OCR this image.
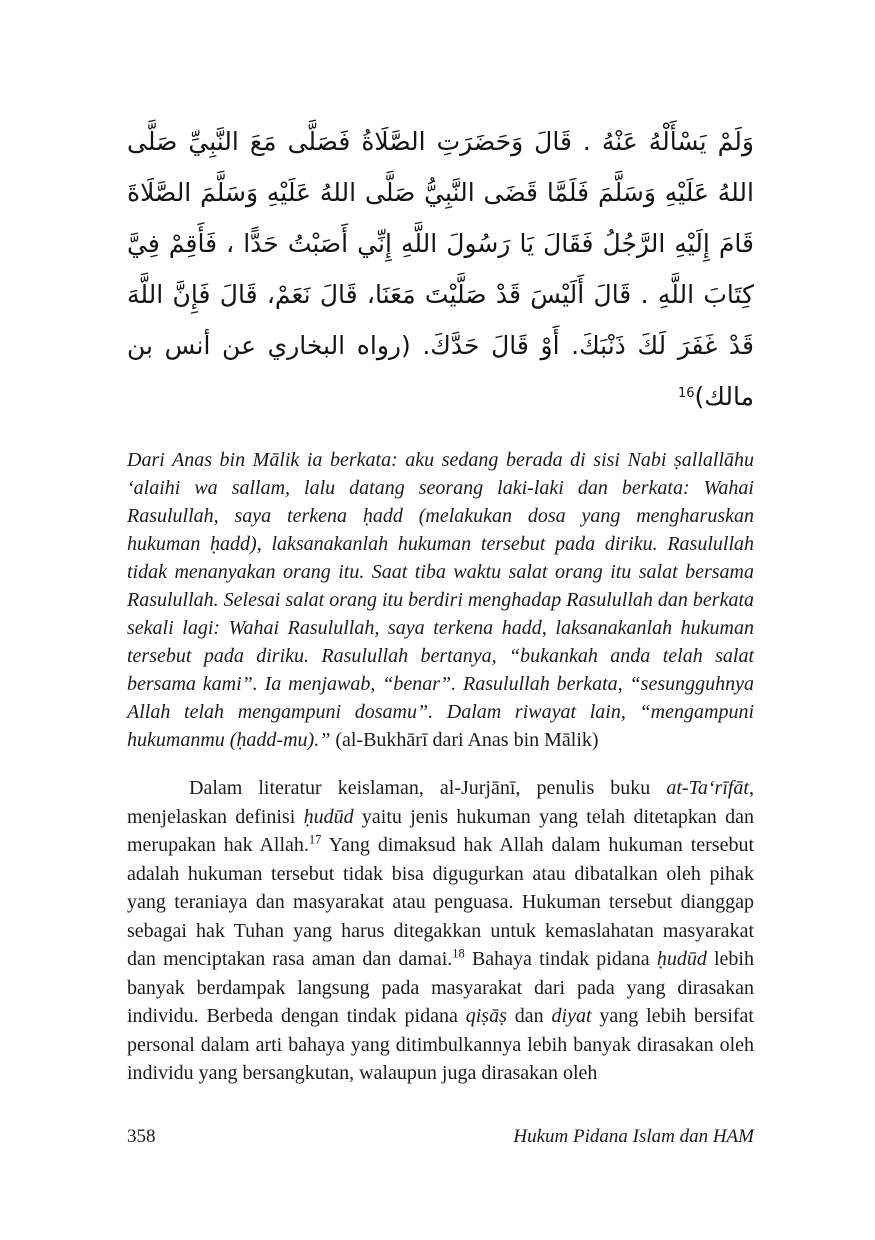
وَلَمْ يَسْأَلْهُ عَنْهُ . قَالَ وَحَضَرَتِ الصَّلَاةُ فَصَلَّى مَعَ النَّبِيِّ صَلَّى اللهُ عَلَيْهِ وَسَلَّمَ فَلَمَّا قَضَى النَّبِيُّ صَلَّى اللهُ عَلَيْهِ وَسَلَّمَ الصَّلَاةَ قَامَ إِلَيْهِ الرَّجُلُ فَقَالَ يَا رَسُولَ اللَّهِ إِنِّي أَصَبْتُ حَدًّا ، فَأَقِمْ فِيَّ كِتَابَ اللَّهِ . قَالَ أَلَيْسَ قَدْ صَلَّيْتَ مَعَنَا، قَالَ نَعَمْ، قَالَ فَإِنَّ اللَّهَ قَدْ غَفَرَ لَكَ ذَنْبَكَ. أَوْ قَالَ حَدَّكَ. (رواه البخاري عن أنس بن مالك)$^{16}$

Dari Anas bin Mālik ia berkata: aku sedang berada di sisi Nabi ṣallallāhu ‘alaihi wa sallam, lalu datang seorang laki-laki dan berkata: Wahai Rasulullah, saya terkena ḥadd (melakukan dosa yang mengharuskan hukuman ḥadd), laksanakanlah hukuman tersebut pada diriku. Rasulullah tidak menanyakan orang itu. Saat tiba waktu salat orang itu salat bersama Rasulullah. Selesai salat orang itu berdiri menghadap Rasulullah dan berkata sekali lagi: Wahai Rasulullah, saya terkena hadd, laksanakanlah hukuman tersebut pada diriku. Rasulullah bertanya, “bukankah anda telah salat bersama kami”. Ia menjawab, “benar”. Rasulullah berkata, “sesungguhnya Allah telah mengampuni dosamu”. Dalam riwayat lain, “mengampuni hukumanmu (ḥadd-mu).” (al-Bukhārī dari Anas bin Mālik)

Dalam literatur keislaman, al-Jurjānī, penulis buku at-Ta‘rīfāt, menjelaskan definisi ḥudūd yaitu jenis hukuman yang telah ditetapkan dan merupakan hak Allah.$^{17}$ Yang dimaksud hak Allah dalam hukuman tersebut adalah hukuman tersebut tidak bisa digugurkan atau dibatalkan oleh pihak yang teraniaya dan masyarakat atau penguasa. Hukuman tersebut dianggap sebagai hak Tuhan yang harus ditegakkan untuk kemaslahatan masyarakat dan menciptakan rasa aman dan damai.$^{18}$ Bahaya tindak pidana ḥudūd lebih banyak berdampak langsung pada masyarakat dari pada yang dirasakan individu. Berbeda dengan tindak pidana qiṣāṣ dan diyat yang lebih bersifat personal dalam arti bahaya yang ditimbulkannya lebih banyak dirasakan oleh individu yang bersangkutan, walaupun juga dirasakan oleh

358	Hukum Pidana Islam dan HAM
